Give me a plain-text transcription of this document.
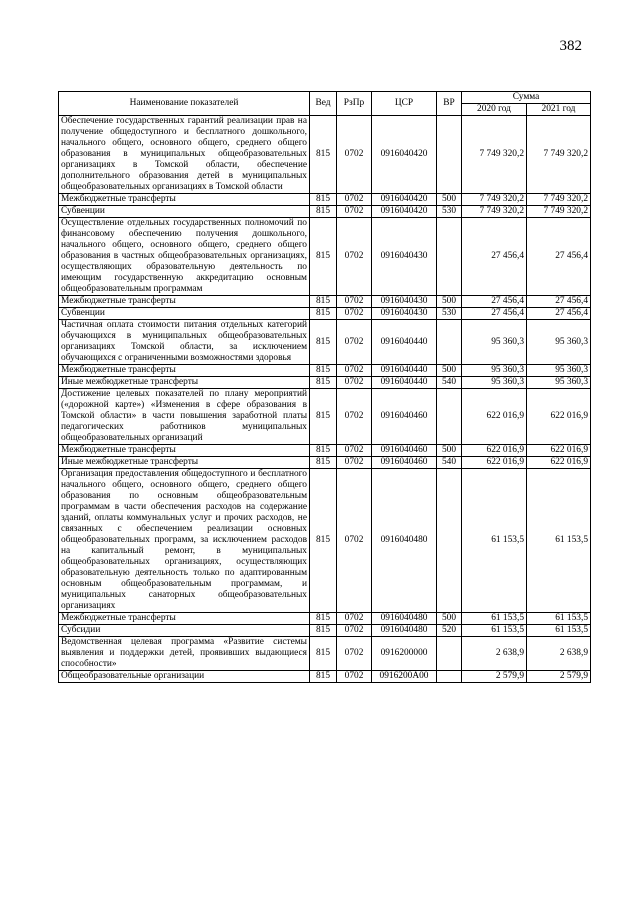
382
Наименование показателей	Вед	РзПр	ЦСР	ВР	Сумма	
					2020 год	2021 год
Обеспечение государственных гарантий реализации прав на получение общедоступного и бесплатного дошкольного, начального общего, основного общего, среднего общего образования в муниципальных общеобразовательных организациях в Томской области, обеспечение дополнительного образования детей в муниципальных общеобразовательных организациях в Томской области	815	0702	0916040420		7 749 320,2	7 749 320,2
Межбюджетные трансферты	815	0702	0916040420	500	7 749 320,2	7 749 320,2
Субвенции	815	0702	0916040420	530	7 749 320,2	7 749 320,2
Осуществление отдельных государственных полномочий по финансовому обеспечению получения дошкольного, начального общего, основного общего, среднего общего образования в частных общеобразовательных организациях, осуществляющих образовательную деятельность по имеющим государственную аккредитацию основным общеобразовательным программам	815	0702	0916040430		27 456,4	27 456,4
Межбюджетные трансферты	815	0702	0916040430	500	27 456,4	27 456,4
Субвенции	815	0702	0916040430	530	27 456,4	27 456,4
Частичная оплата стоимости питания отдельных категорий обучающихся в муниципальных общеобразовательных организациях Томской области, за исключением обучающихся с ограниченными возможностями здоровья	815	0702	0916040440		95 360,3	95 360,3
Межбюджетные трансферты	815	0702	0916040440	500	95 360,3	95 360,3
Иные межбюджетные трансферты	815	0702	0916040440	540	95 360,3	95 360,3
Достижение целевых показателей по плану мероприятий («дорожной карте») «Изменения в сфере образования в Томской области» в части повышения заработной платы педагогических работников муниципальных общеобразовательных организаций	815	0702	0916040460		622 016,9	622 016,9
Межбюджетные трансферты	815	0702	0916040460	500	622 016,9	622 016,9
Иные межбюджетные трансферты	815	0702	0916040460	540	622 016,9	622 016,9
Организация предоставления общедоступного и бесплатного начального общего, основного общего, среднего общего образования по основным общеобразовательным программам в части обеспечения расходов на содержание зданий, оплаты коммунальных услуг и прочих расходов, не связанных с обеспечением реализации основных общеобразовательных программ, за исключением расходов на капитальный ремонт, в муниципальных общеобразовательных организациях, осуществляющих образовательную деятельность только по адаптированным основным общеобразовательным программам, и муниципальных санаторных общеобразовательных организациях	815	0702	0916040480		61 153,5	61 153,5
Межбюджетные трансферты	815	0702	0916040480	500	61 153,5	61 153,5
Субсидии	815	0702	0916040480	520	61 153,5	61 153,5
Ведомственная целевая программа «Развитие системы выявления и поддержки детей, проявивших выдающиеся способности»	815	0702	0916200000		2 638,9	2 638,9
Общеобразовательные организации	815	0702	0916200А00		2 579,9	2 579,9
